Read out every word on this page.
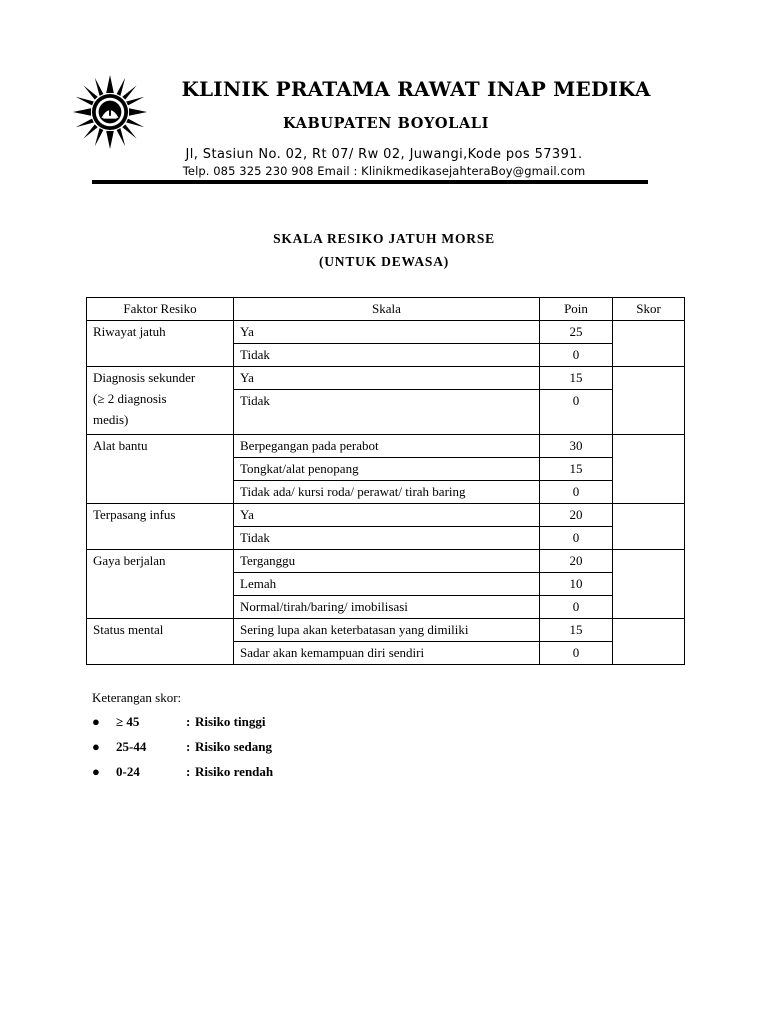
KLINIK PRATAMA RAWAT INAP MEDIKA
KABUPATEN BOYOLALI
Jl, Stasiun No. 02, Rt 07/ Rw 02, Juwangi,Kode pos 57391.
Telp. 085 325 230 908 Email : KlinikmedikasejahteraBoy@gmail.com
SKALA RESIKO JATUH MORSE
(UNTUK DEWASA)
Faktor Resiko	Skala	Poin	Skor
Riwayat jatuh	Ya	25	
	Tidak	0	

Diagnosis sekunder
(≥ 2 diagnosis
medis)	Ya	15	
	Tidak	0	
Alat bantu	Berpegangan pada perabot	30	
	Tongkat/alat penopang	15	
	Tidak ada/ kursi roda/ perawat/ tirah baring	0	
Terpasang infus	Ya	20	
	Tidak	0	
Gaya berjalan	Terganggu	20	
	Lemah	10	
	Normal/tirah/baring/ imobilisasi	0	
Status mental	Sering lupa akan keterbatasan yang dimiliki	15	
	Sadar akan kemampuan diri sendiri	0	
Keterangan skor:
● ≥ 45	: Risiko tinggi
● 25-44	: Risiko sedang
● 0-24	: Risiko rendah
